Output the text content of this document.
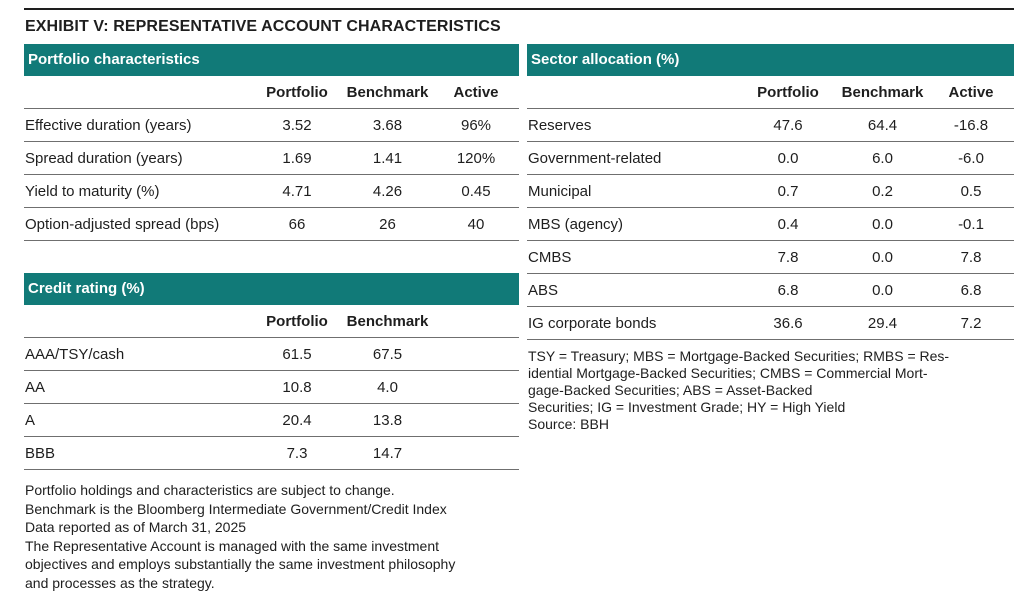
EXHIBIT V: REPRESENTATIVE ACCOUNT CHARACTERISTICS
Portfolio characteristics
	Portfolio	Benchmark	Active
Effective duration (years)	3.52	3.68	96%
Spread duration (years)	1.69	1.41	120%
Yield to maturity (%)	4.71	4.26	0.45
Option-adjusted spread (bps)	66	26	40
Credit rating (%)
	Portfolio	Benchmark	
AAA/TSY/cash	61.5	67.5	
AA	10.8	4.0	
A	20.4	13.8	
BBB	7.3	14.7	
Sector allocation (%)
	Portfolio	Benchmark	Active
Reserves	47.6	64.4	-16.8
Government-related	0.0	6.0	-6.0
Municipal	0.7	0.2	0.5
MBS (agency)	0.4	0.0	-0.1
CMBS	7.8	0.0	7.8
ABS	6.8	0.0	6.8
IG corporate bonds	36.6	29.4	7.2
TSY = Treasury; MBS = Mortgage-Backed Securities; RMBS = Res-
idential Mortgage-Backed Securities; CMBS = Commercial Mort-
gage-Backed Securities; ABS = Asset-Backed
Securities; IG = Investment Grade; HY = High Yield
Source: BBH
Portfolio holdings and characteristics are subject to change.
Benchmark is the Bloomberg Intermediate Government/Credit Index
Data reported as of March 31, 2025
The Representative Account is managed with the same investment
objectives and employs substantially the same investment philosophy
and processes as the strategy.
